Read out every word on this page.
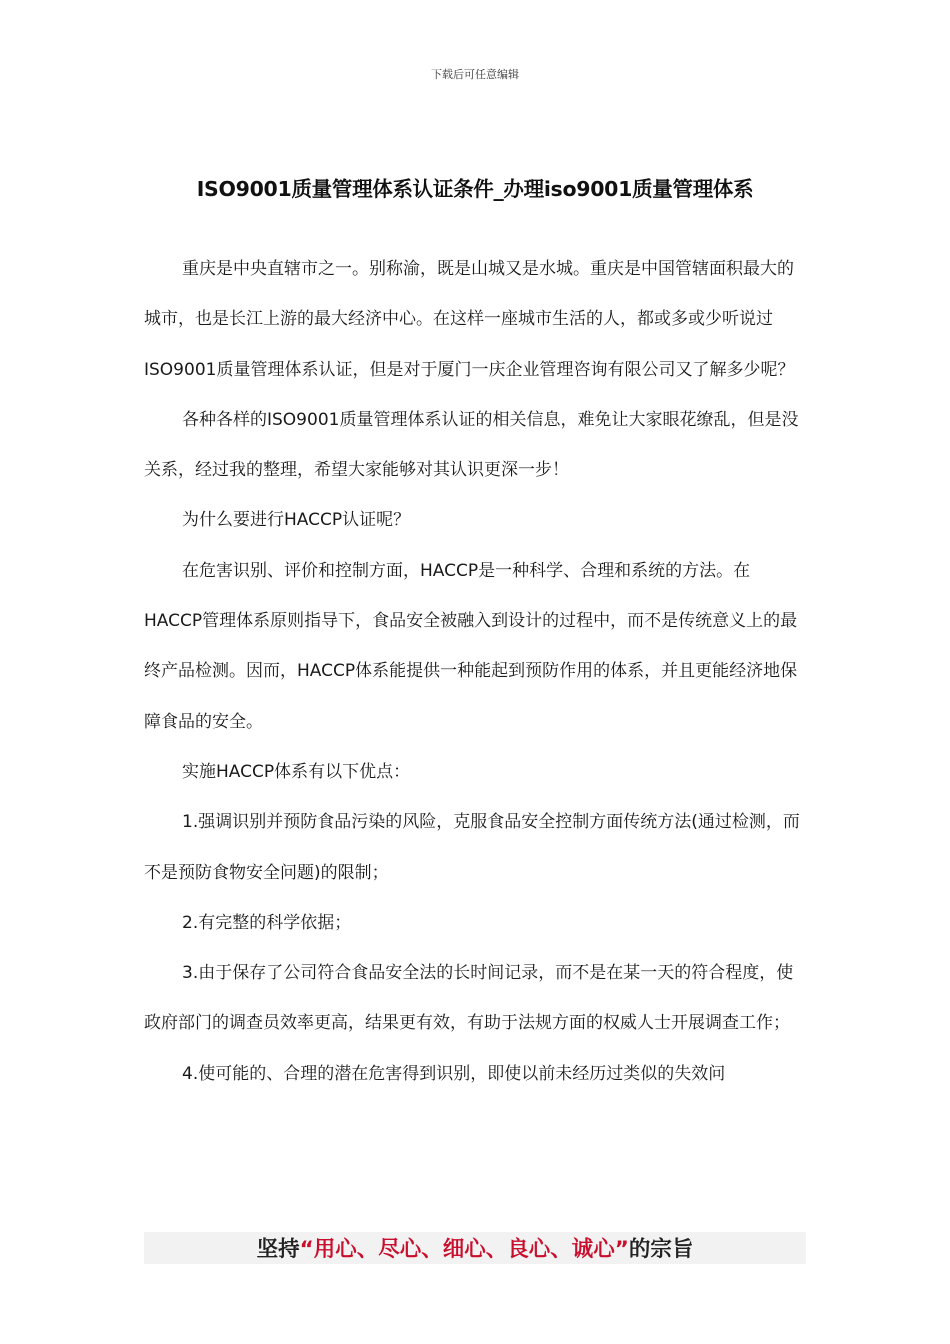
下载后可任意编辑
ISO9001质量管理体系认证条件_办理iso9001质量管理体系

重庆是中央直辖市之一。别称渝，既是山城又是水城。重庆是中国管辖面积最大的城市，也是长江上游的最大经济中心。在这样一座城市生活的人，都或多或少听说过ISO9001质量管理体系认证，但是对于厦门一庆企业管理咨询有限公司又了解多少呢？

各种各样的ISO9001质量管理体系认证的相关信息，难免让大家眼花缭乱，但是没关系，经过我的整理，希望大家能够对其认识更深一步！

为什么要进行HACCP认证呢？

在危害识别、评价和控制方面，HACCP是一种科学、合理和系统的方法。在HACCP管理体系原则指导下，食品安全被融入到设计的过程中，而不是传统意义上的最终产品检测。因而，HACCP体系能提供一种能起到预防作用的体系，并且更能经济地保障食品的安全。

实施HACCP体系有以下优点：

1.强调识别并预防食品污染的风险，克服食品安全控制方面传统方法(通过检测，而不是预防食物安全问题)的限制；

2.有完整的科学依据；

3.由于保存了公司符合食品安全法的长时间记录，而不是在某一天的符合程度，使政府部门的调查员效率更高，结果更有效，有助于法规方面的权威人士开展调查工作；

4.使可能的、合理的潜在危害得到识别，即使以前未经历过类似的失效问

坚持“用心、尽心、细心、良心、诚心”的宗旨
